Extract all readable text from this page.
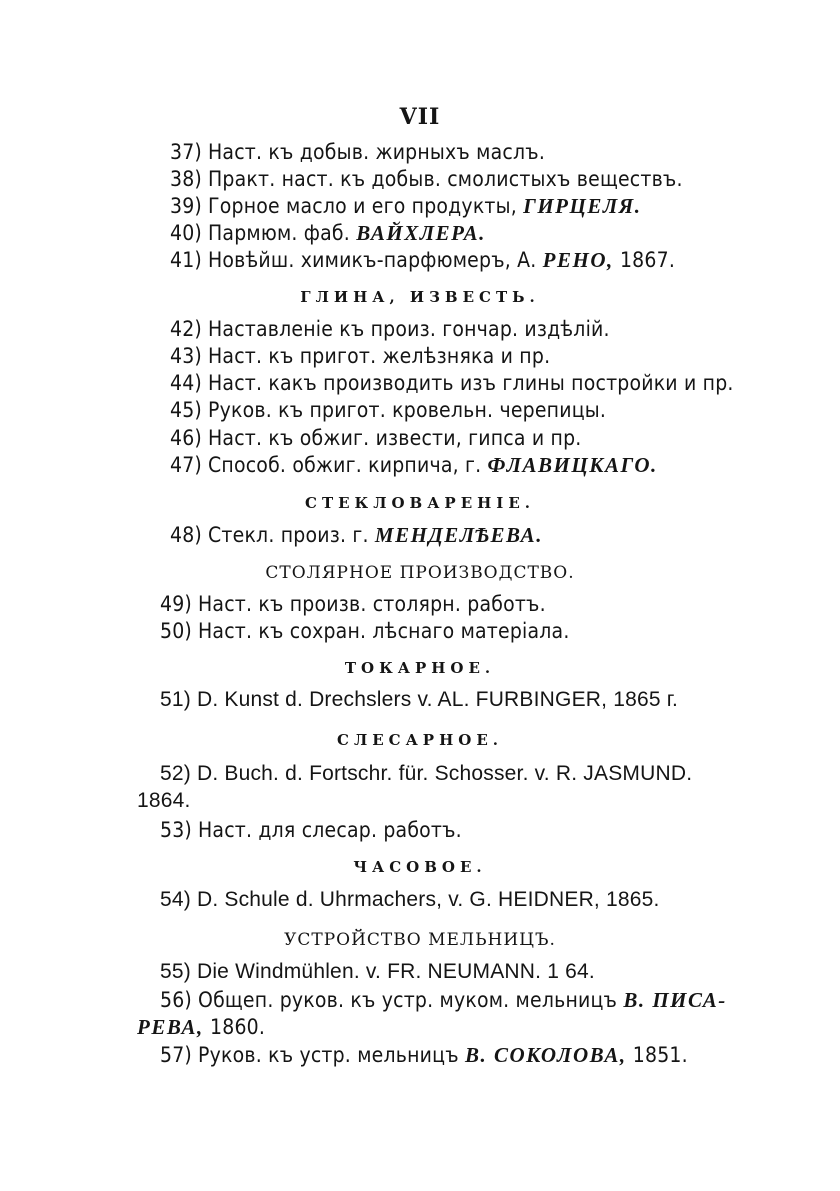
VII
37) Наст. къ добыв. жирныхъ маслъ.
38) Практ. наст. къ добыв. смолистыхъ веществъ.
39) Горное масло и его продукты, ГИРЦЕЛЯ.
40) Пармюм. фаб. ВАЙХЛЕРА.
41) Новѣйш. химикъ-парфюмеръ, А. РЕНО, 1867.
ГЛИНА, ИЗВЕСТЬ.
42) Наставленіе къ произ. гончар. издѣлій.
43) Наст. къ пригот. желѣзняка и пр.
44) Наст. какъ производить изъ глины постройки и пр.
45) Руков. къ пригот. кровельн. черепицы.
46) Наст. къ обжиг. извести, гипса и пр.
47) Способ. обжиг. кирпича, г. ФЛАВИЦКАГО.
СТЕКЛОВАРЕНІЕ.
48) Стекл. произ. г. МЕНДЕЛѢЕВА.
СТОЛЯРНОЕ ПРОИЗВОДСТВО.
49) Наст. къ произв. столярн. работъ.
50) Наст. къ сохран. лѣснаго матеріала.
ТОКАРНОЕ.
51) D. Kunst d. Drechslers v. AL. FURBINGER, 1865 г.
СЛЕСАРНОЕ.
52) D. Buch. d. Fortschr. für. Schosser. v. R. JASMUND.
1864.
53) Наст. для слесар. работъ.
ЧАСОВОЕ.
54) D. Schule d. Uhrmachers, v. G. HEIDNER, 1865.
УСТРОЙСТВО МЕЛЬНИЦЪ.
55) Die Windmühlen. v. FR. NEUMANN. 1 64.
56) Общеп. руков. къ устр. муком. мельницъ В. ПИСА-
РЕВА, 1860.
57) Руков. къ устр. мельницъ В. СОКОЛОВА, 1851.
